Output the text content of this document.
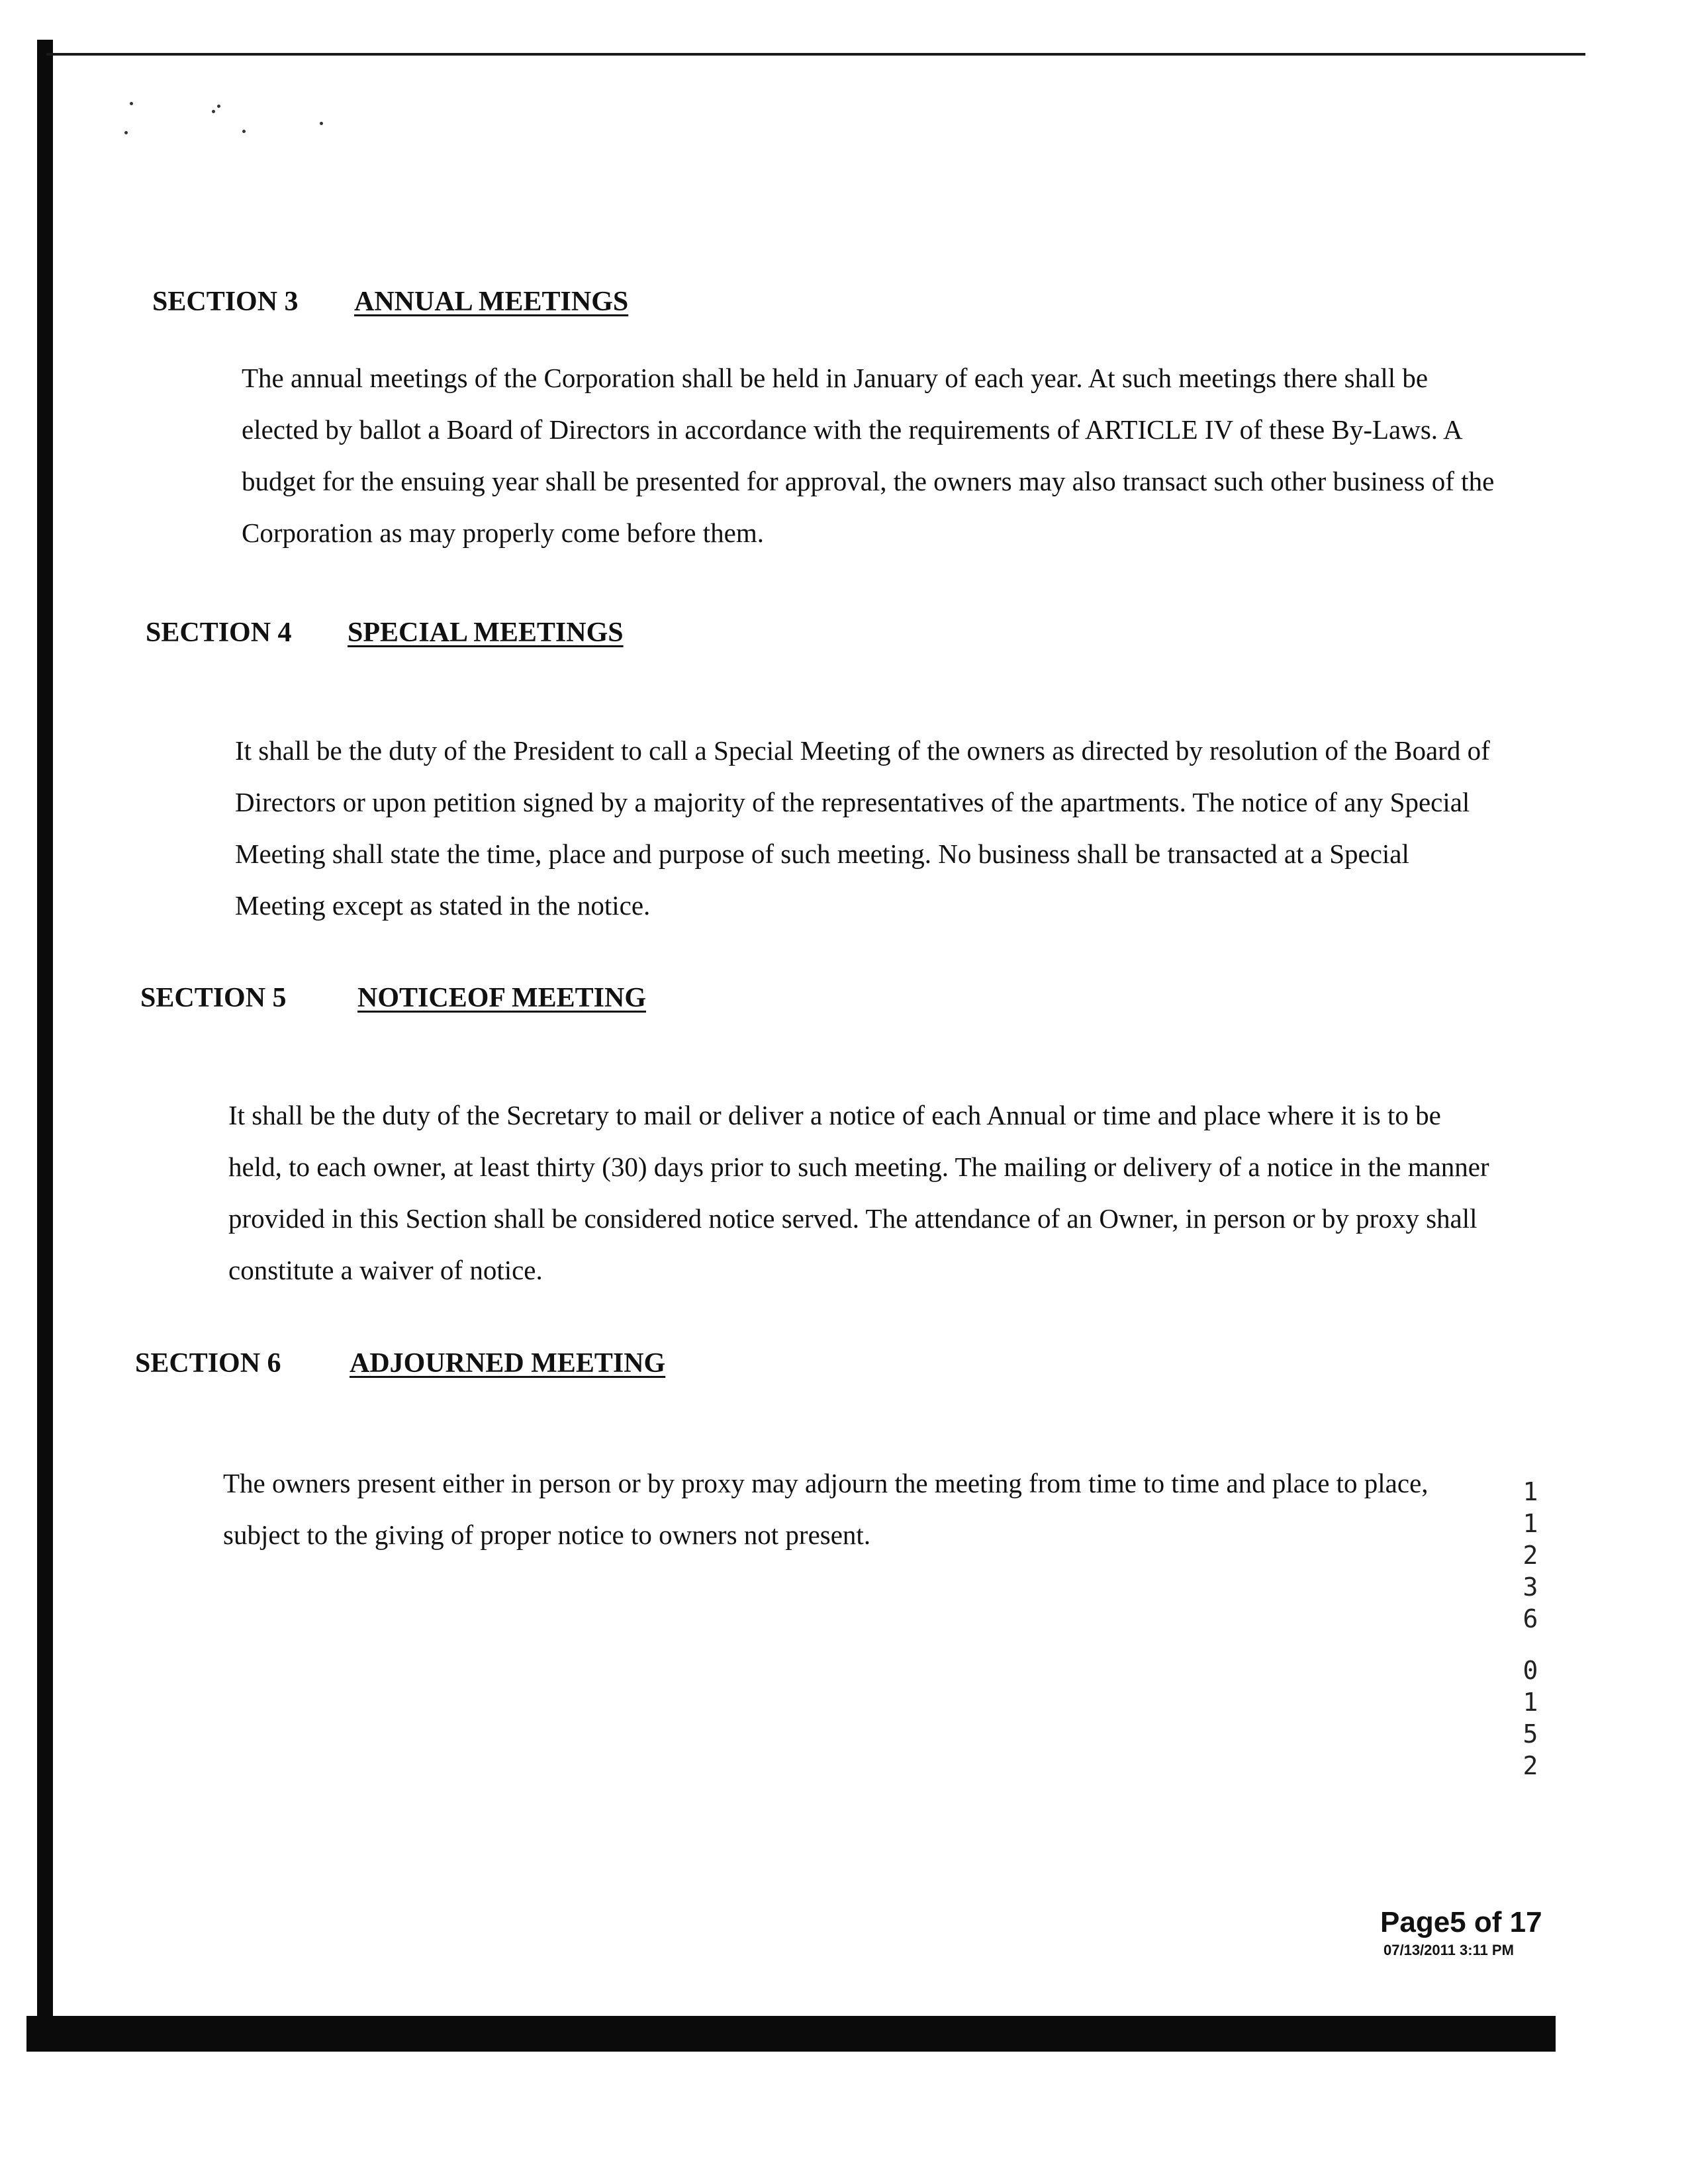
SECTION 3 ANNUAL MEETINGS
The annual meetings of the Corporation shall be held in January of each year. At such meetings there shall be elected by ballot a Board of Directors in accordance with the requirements of ARTICLE IV of these By-Laws. A budget for the ensuing year shall be presented for approval, the owners may also transact such other business of the Corporation as may properly come before them.
SECTION 4 SPECIAL MEETINGS
It shall be the duty of the President to call a Special Meeting of the owners as directed by resolution of the Board of Directors or upon petition signed by a majority of the representatives of the apartments. The notice of any Special Meeting shall state the time, place and purpose of such meeting. No business shall be transacted at a Special Meeting except as stated in the notice.
SECTION 5	NOTICEOF MEETING
It shall be the duty of the Secretary to mail or deliver a notice of each Annual or time and place where it is to be held, to each owner, at least thirty (30) days prior to such meeting. The mailing or delivery of a notice in the manner provided in this Section shall be considered notice served. The attendance of an Owner, in person or by proxy shall constitute a waiver of notice.
SECTION 6 ADJOURNED MEETING
The owners present either in person or by proxy may adjourn the meeting from time to time and place to place, subject to the giving of proper notice to owners not present.
1
1
2
3
6
0
1
5
2
Page5 of 17
07/13/2011 3:11 PM
